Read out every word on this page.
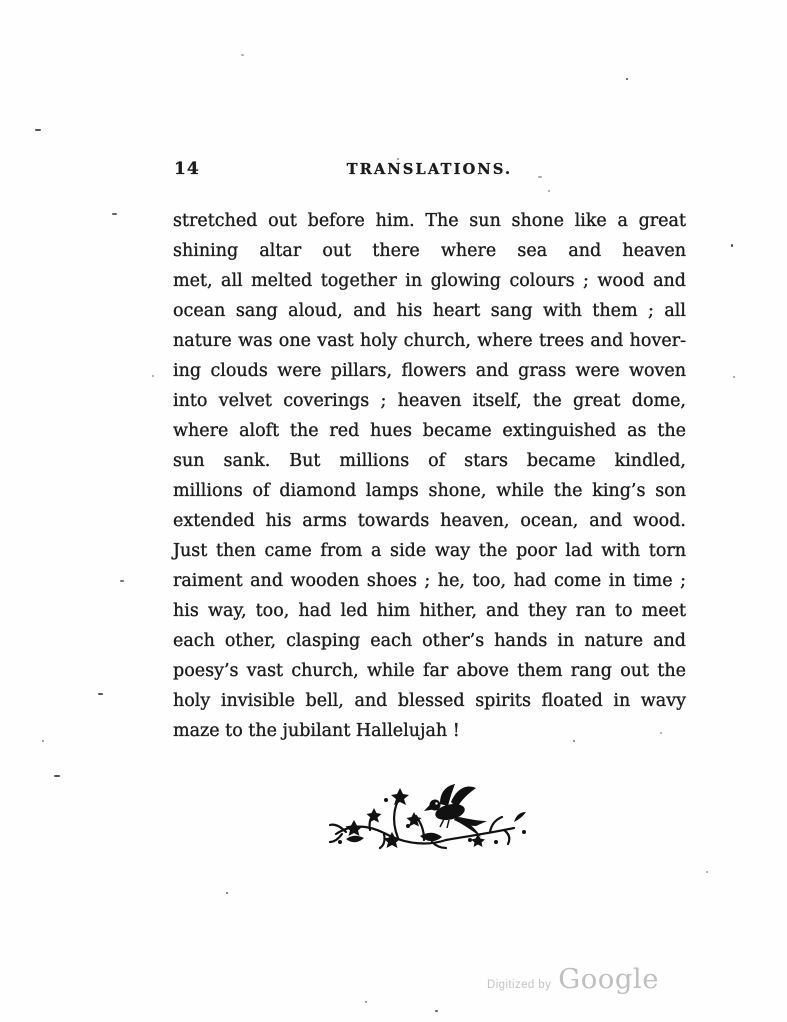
14	TRANSLATIONS.
stretched out before him. The sun shone like a great
shining altar out there where sea and heaven
met, all melted together in glowing colours ; wood and
ocean sang aloud, and his heart sang with them ; all
nature was one vast holy church, where trees and hover-
ing clouds were pillars, flowers and grass were woven
into velvet coverings ; heaven itself, the great dome,
where aloft the red hues became extinguished as the
sun sank. But millions of stars became kindled,
millions of diamond lamps shone, while the king’s son
extended his arms towards heaven, ocean, and wood.
Just then came from a side way the poor lad with torn
raiment and wooden shoes ; he, too, had come in time ;
his way, too, had led him hither, and they ran to meet
each other, clasping each other’s hands in nature and
poesy’s vast church, while far above them rang out the
holy invisible bell, and blessed spirits floated in wavy
maze to the jubilant Hallelujah !
Digitized by Google
